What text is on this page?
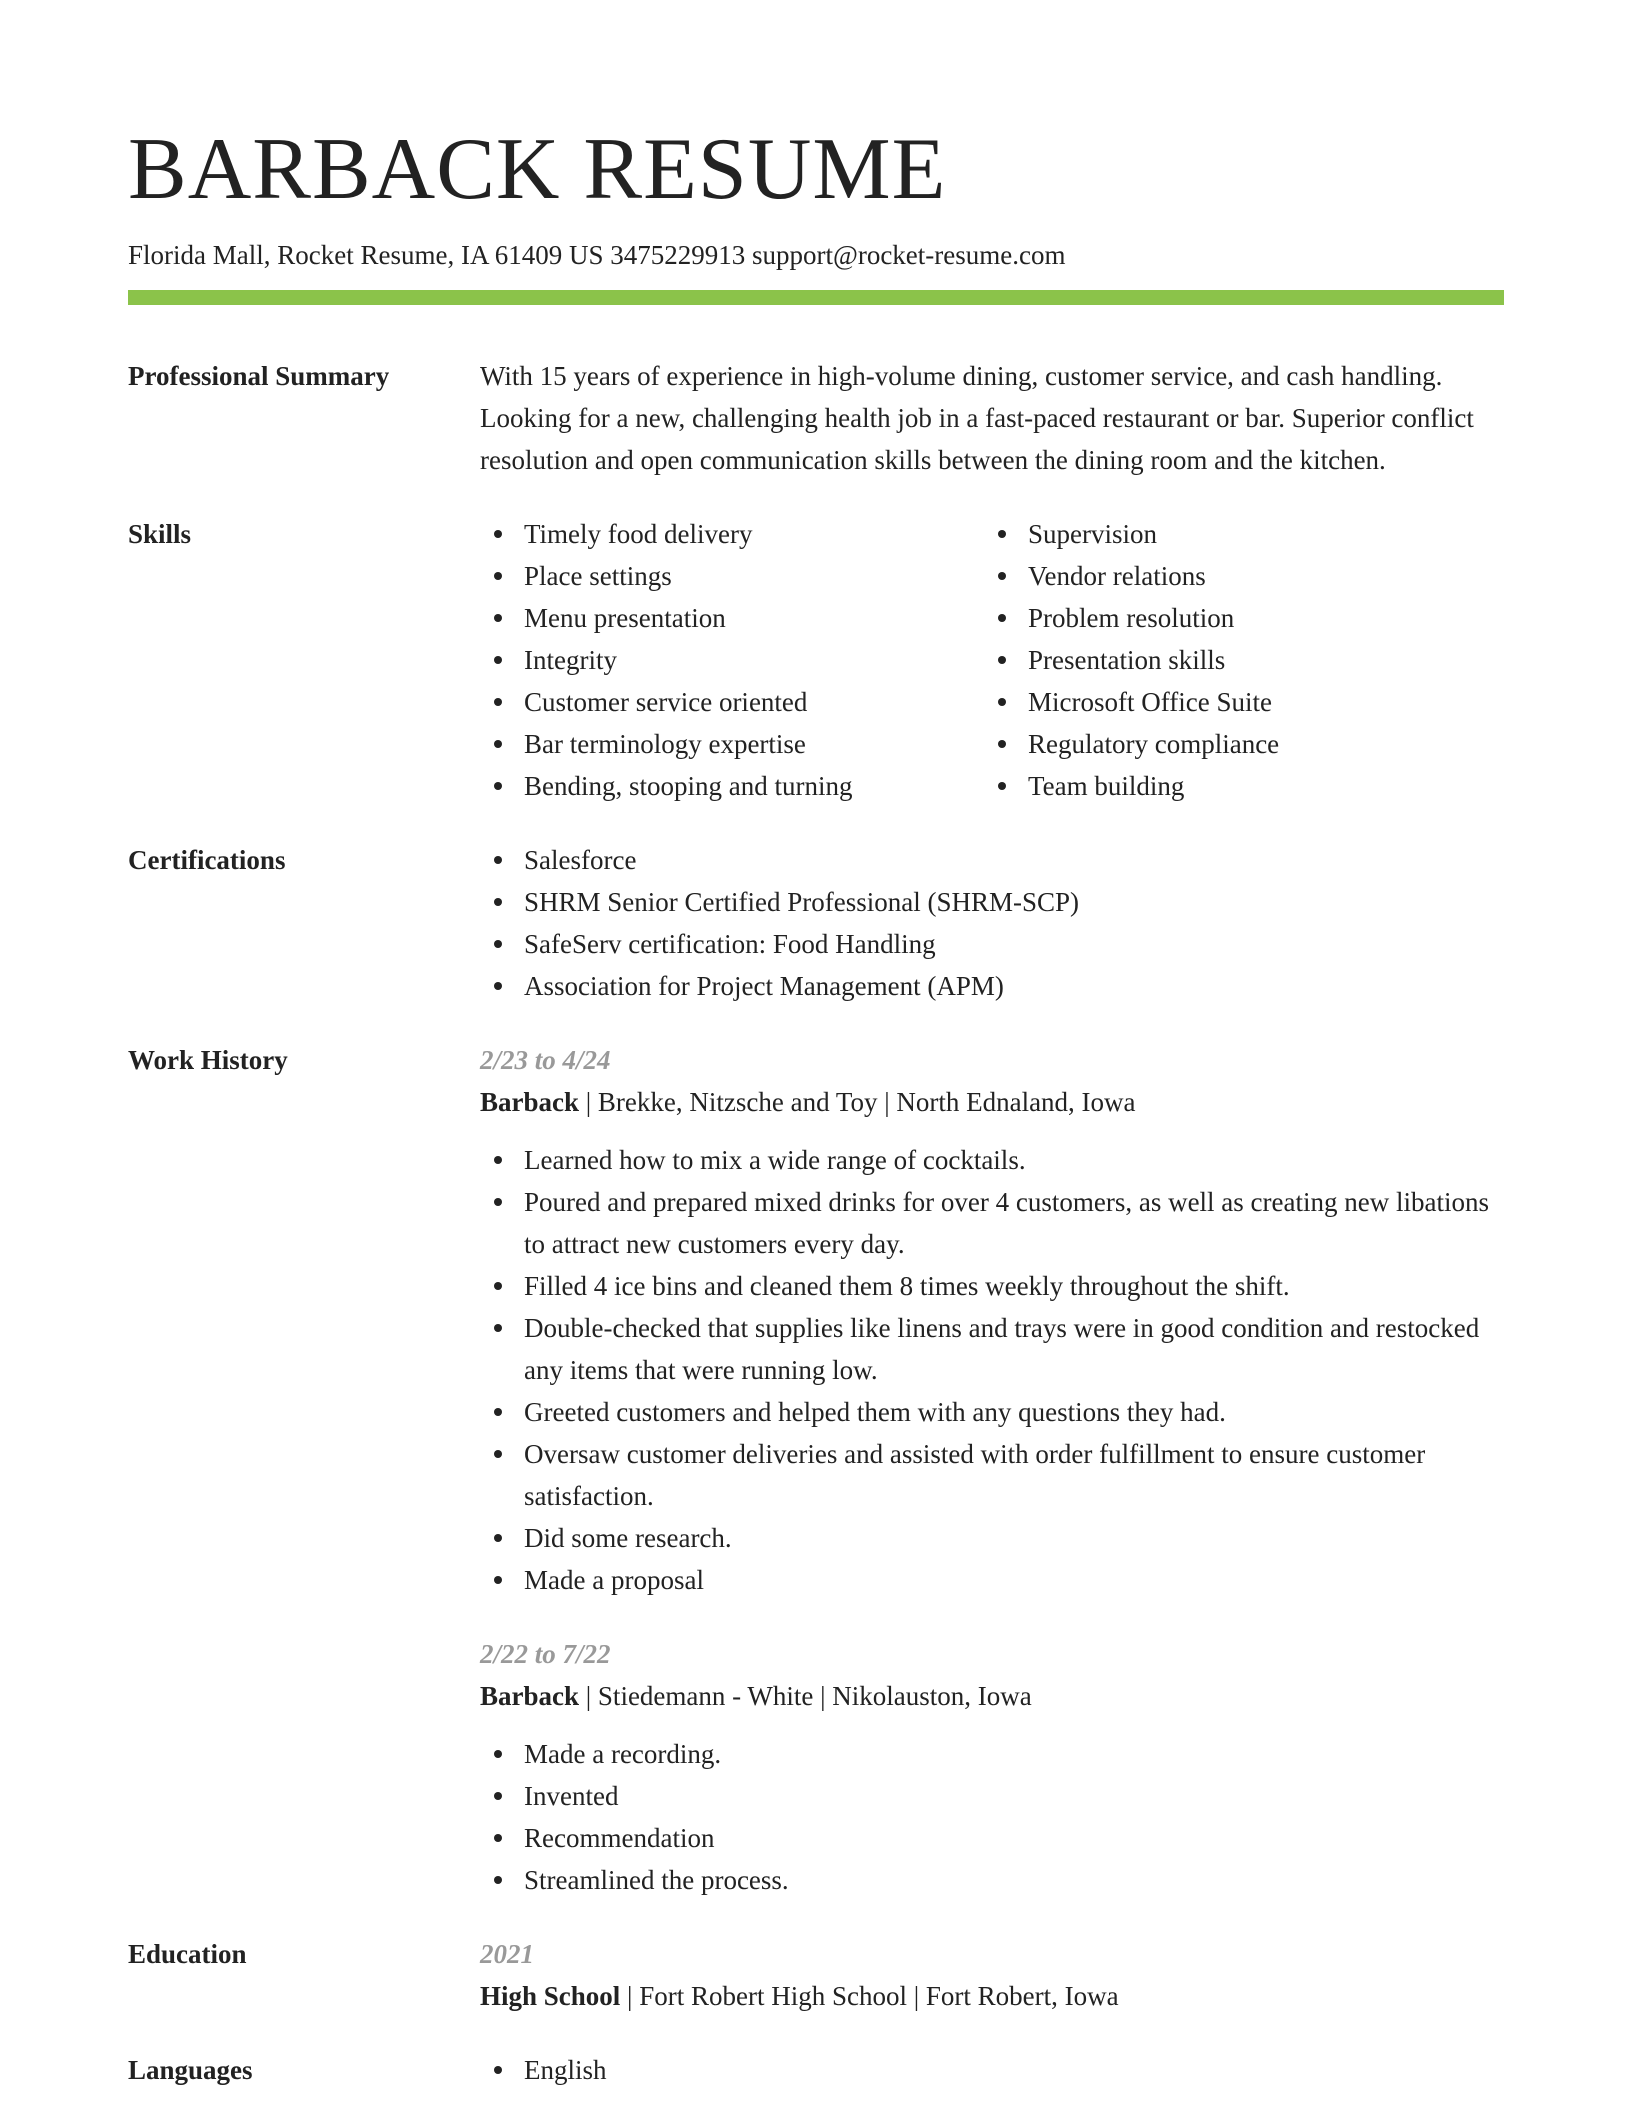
BARBACK RESUME
Florida Mall, Rocket Resume, IA 61409 US 3475229913 support@rocket-resume.com
Professional Summary	With 15 years of experience in high-volume dining, customer service, and cash handling. Looking for a new, challenging health job in a fast-paced restaurant or bar. Superior conflict resolution and open communication skills between the dining room and the kitchen.
Skills	Timely food delivery
Place settings
Menu presentation
Integrity
Customer service oriented
Bar terminology expertise
Bending, stooping and turning
Supervision
Vendor relations
Problem resolution
Presentation skills
Microsoft Office Suite
Regulatory compliance
Team building
Certifications	Salesforce
SHRM Senior Certified Professional (SHRM-SCP)
SafeServ certification: Food Handling
Association for Project Management (APM)
Work History	2/23 to 4/24
Barback | Brekke, Nitzsche and Toy | North Ednaland, Iowa
Learned how to mix a wide range of cocktails.
Poured and prepared mixed drinks for over 4 customers, as well as creating new libations to attract new customers every day.
Filled 4 ice bins and cleaned them 8 times weekly throughout the shift.
Double-checked that supplies like linens and trays were in good condition and restocked any items that were running low.
Greeted customers and helped them with any questions they had.
Oversaw customer deliveries and assisted with order fulfillment to ensure customer satisfaction.
Did some research.
Made a proposal
2/22 to 7/22
Barback | Stiedemann - White | Nikolauston, Iowa
Made a recording.
Invented
Recommendation
Streamlined the process.
Education	2021
High School | Fort Robert High School | Fort Robert, Iowa
Languages	English
